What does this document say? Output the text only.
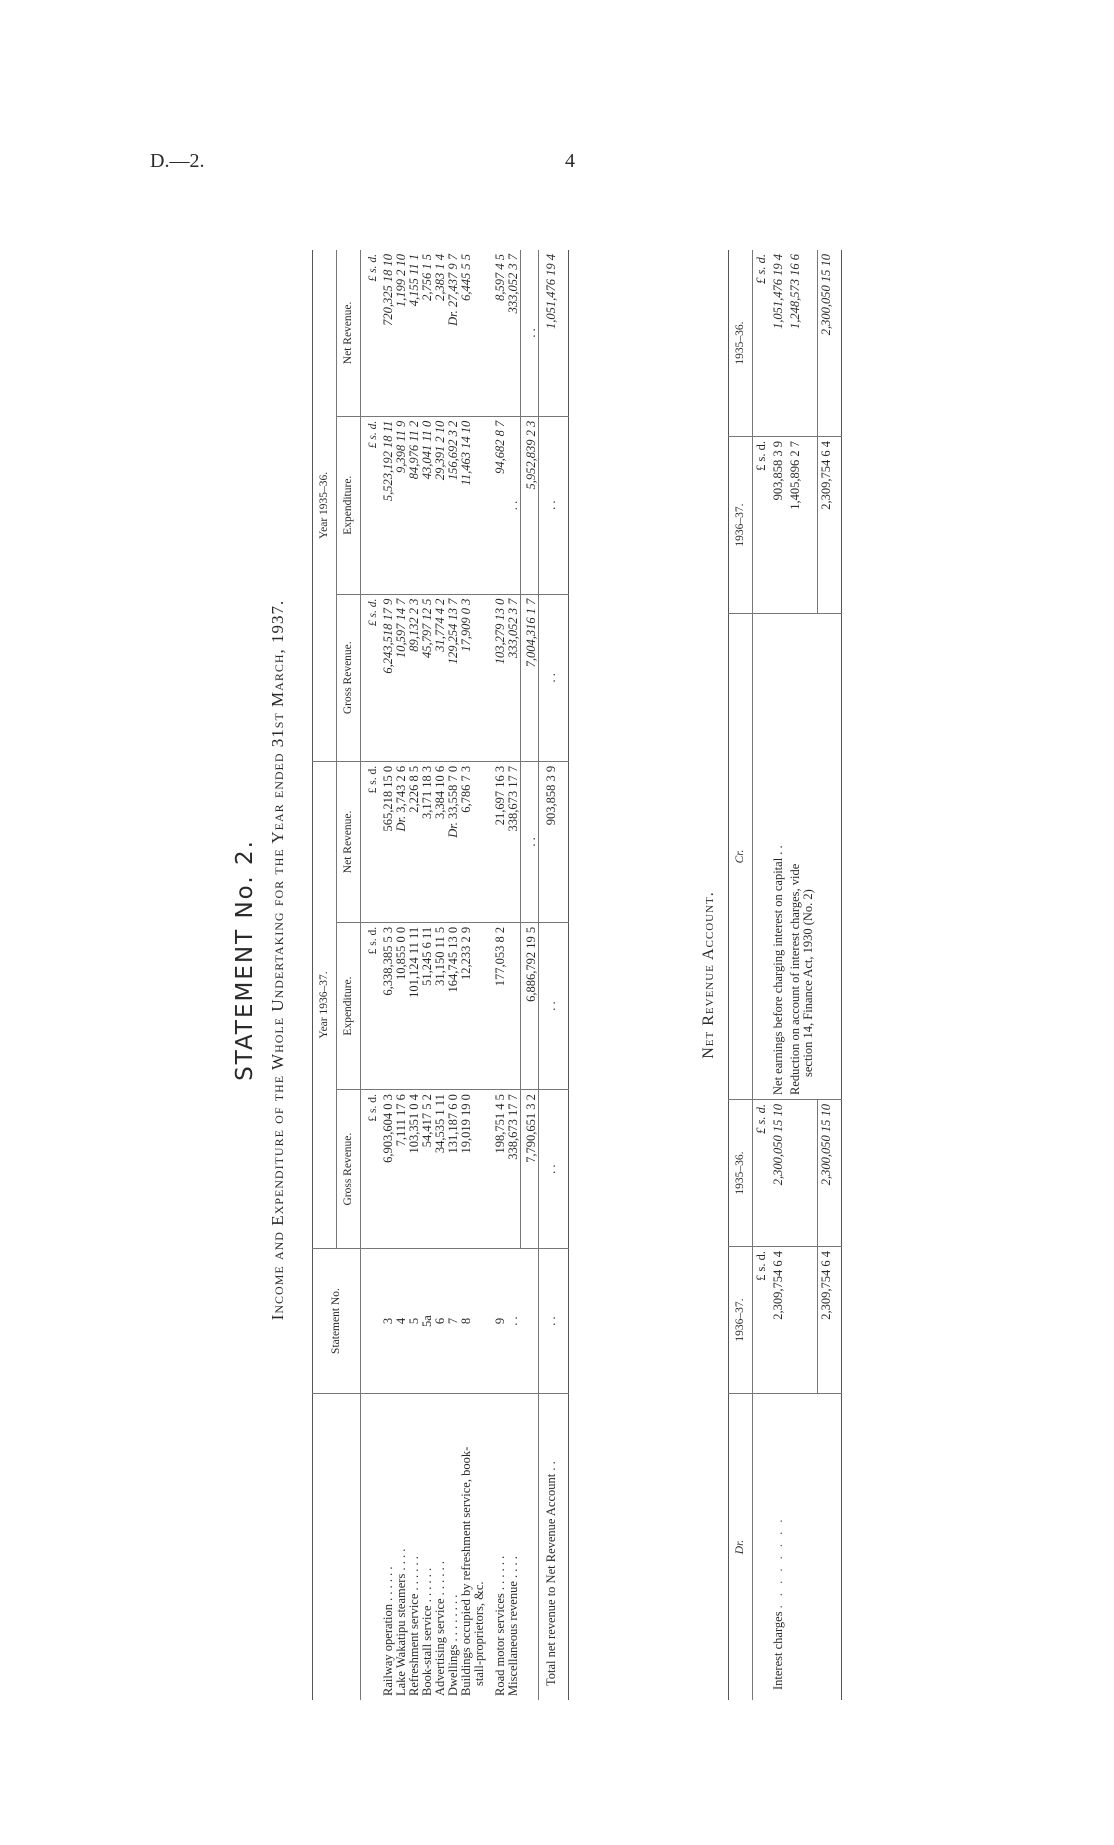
D.—2.	4
STATEMENT No. 2. Income and Expenditure of the Whole Undertaking for the Year ended 31st March, 1937.
	Statement No.	Year 1936–37.			Year 1935–36.		
		Gross Revenue.	Expenditure.	Net Revenue.	Gross Revenue.	Expenditure.	Net Revenue.
		£ s. d.	£ s. d.	£ s. d.	£ s. d.	£ s. d.	£ s. d.
Railway operation . . . . . .	3	6,903,604 0 3	6,338,385 5 3	565,218 15 0	6,243,518 17 9	5,523,192 18 11	720,325 18 10
Lake Wakatipu steamers . . . .	4	7,111 17 6	10,855 0 0	Dr. 3,743 2 6	10,597 14 7	9,398 11 9	1,199 2 10
Refreshment service . . . . . .	5	103,351 0 4	101,124 11 11	2,226 8 5	89,132 2 3	84,976 11 2	4,155 11 1
Book-stall service . . . . . .	5a	54,417 5 2	51,245 6 11	3,171 18 3	45,797 12 5	43,041 11 0	2,756 1 5
Advertising service . . . . . .	6	34,535 1 11	31,150 11 5	3,384 10 6	31,774 4 2	29,391 2 10	2,383 1 4
Dwellings . . . . . . . .	7	131,187 6 0	164,745 13 0	Dr. 33,558 7 0	129,254 13 7	156,692 3 2	Dr. 27,437 9 7

Buildings occupied by refreshment service, book- stall-proprietors, &c.	8	19,019 19 0	12,233 2 9	6,786 7 3	17,909 0 3	11,463 14 10	6,445 5 5
Road motor services . . . . . .	9	198,751 4 5	177,053 8 2	21,697 16 3	103,279 13 0	94,682 8 7	8,597 4 5
Miscellaneous revenue . . . .	. .	338,673 17 7		338,673 17 7	333,052 3 7	. .	333,052 3 7
		7,790,651 3 2	6,886,792 19 5	. .	7,004,316 1 7	5,952,839 2 3	. .
Total net revenue to Net Revenue Account . .	. .	. .	. .	903,858 3 9	. .	. .	1,051,476 19 4
Net Revenue Account.
Dr.	1936–37.	1935–36.	Cr.	1936–37.	1935–36.
	£ s. d.	£ s. d.		£ s. d.	£ s. d.
Interest charges . . . . . . . .	2,309,754 6 4	2,300,050 15 10	Net earnings before charging interest on capital . .	903,858 3 9	1,051,476 19 4

			Reduction on account of interest charges, vide section 14, Finance Act, 1930 (No. 2)	1,405,896 2 7	1,248,573 16 6
	2,309,754 6 4	2,300,050 15 10		2,309,754 6 4	2,300,050 15 10
